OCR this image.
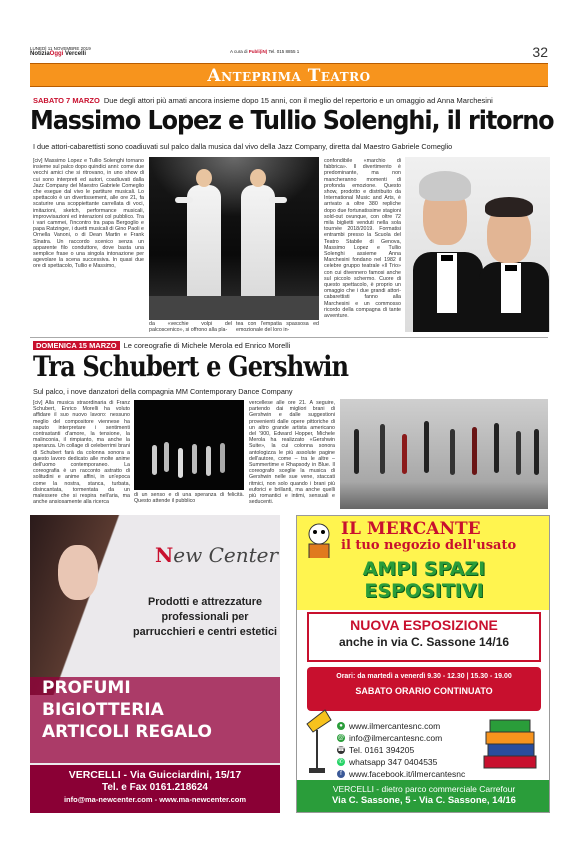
LUNEDÌ 11 NOVEMBRE 2019
NotiziaOggi Vercelli	A cura di Publi(iN) Tel. 015 8855 1	32
Anteprima Teatro
SABATO 7 MARZO Due degli attori più amati ancora insieme dopo 15 anni, con il meglio del repertorio e un omaggio ad Anna Marchesini
Massimo Lopez e Tullio Solenghi, il ritorno
I due attori-cabarettisti sono coadiuvati sul palco dalla musica dal vivo della Jazz Company, diretta dal Maestro Gabriele Comeglio
[civ] Massimo Lopez e Tullio Solenghi tornano insieme sul palco dopo quindici anni: come due vecchi amici che si ritrovano, in uno show di cui sono interpreti ed autori, coadiuvati dalla Jazz Company del Maestro Gabriele Comeglio che esegue dal vivo le partiture musicali. Lo spettacolo è un divertissement, alle ore 21, fa scaturire una scoppiettante carrellata di voci, imitazioni, sketch, performance musicali, improvvisazioni ed interazioni col pubblico. Tra i vari cammei, l'incontro tra papa Bergoglio e papa Ratzinger, i duetti musicali di Gino Paoli e Ornella Vanoni, o di Dean Martin e Frank Sinatra. Un raccordo scenico senza un apparente filo conduttore, dove basta una semplice frase o una singola intonazione per agevolare la scena successiva. In quasi due ore di spettacolo, Tullio e Massimo,
da «vecchie volpi del palcoscenico», si offrono alla pla-
tea con l'empatia spassosa ed emozionale del loro in-
confondibile «marchio di fabbrica». Il divertimento è predominante, ma non mancheranno momenti di profonda emozione. Questo show, prodotto e distribuito da International Music and Arts, è arrivato a oltre 380 repliche dopo due fortunatissime stagioni sold-out ovunque, con oltre 72 mila biglietti venduti nella sola tournée 2018/2019. Formatisi entrambi presso la Scuola del Teatro Stabile di Genova, Massimo Lopez e Tullio Solenghi assieme Anna Marchesini fondano nel 1982 il celebre gruppo teatrale «Il Trio» con cui divennero famosi anche sul piccolo schermo. Cuore di questo spettacolo, è proprio un omaggio che i due grandi attori-cabarettisti fanno alla Marchesini e un commosso ricordo della compagna di tante avventure.
DOMENICA 15 MARZO Le coreografie di Michele Merola ed Enrico Morelli
Tra Schubert e Gershwin
Sul palco, i nove danzatori della compagnia MM Contemporary Dance Company
[civ] Alla musica straordinaria di Franz Schubert, Enrico Morelli ha voluto affidare il suo nuovo lavoro: nessuno meglio del compositore viennese ha saputo interpretare i sentimenti contrastanti d'amore, la tensione, la malinconia, il rimpianto, ma anche la speranza. Un collage di celeberrimi brani di Schubert farà da colonna sonora a questo lavoro dedicato alle molte anime dell'uomo contemporaneo. La coreografia è un racconto astratto di solitudini e anime affini, in un'epoca come la nostra, stanca, turbata, disincantata, tormentata da un malessere che si respira nell'aria, ma anche ansiosamente alla ricerca
di un senso e di una speranza di felicità. Questo attende il pubblico
vercellese alle ore 21. A seguire, partendo dai migliori brani di Gershwin e dalle suggestioni provenienti dalle opere pittoriche di un altro grande artista americano del '900, Edward Hopper, Michele Merola ha realizzato «Gershwin Suite», la cui colonna sonora antologizza le più assolute pagine dell'autore, come – tra le altre – Summertime e Rhapsody in Blue. Il coreografo sceglie la musica di Gershwin nelle sue vene, staccati ritmici, non solo quando i brani più euforici e brillanti, ma anche quelli più romantici e intimi, sensuali e seducenti.
New Center
Prodotti e attrezzature
professionali per
parrucchieri e centri estetici
PROFUMI
BIGIOTTERIA
ARTICOLI REGALO
VERCELLI - Via Guicciardini, 15/17
Tel. e Fax 0161.218624
info@ma-newcenter.com - www.ma-newcenter.com
IL MERCANTE
il tuo negozio dell'usato
AMPI SPAZI
ESPOSITIVI
NUOVA ESPOSIZIONE
anche in via C. Sassone 14/16
Orari: da martedì a venerdì 9.30 - 12.30 | 15.30 - 19.00
SABATO ORARIO CONTINUATO
● www.ilmercantesnc.com
@ info@ilmercantesnc.com
☎ Tel. 0161 394205
✆ whatsapp 347 0404535
f www.facebook.it/ilmercantesnc
VERCELLI - dietro parco commerciale Carrefour
Via C. Sassone, 5 - Via C. Sassone, 14/16
